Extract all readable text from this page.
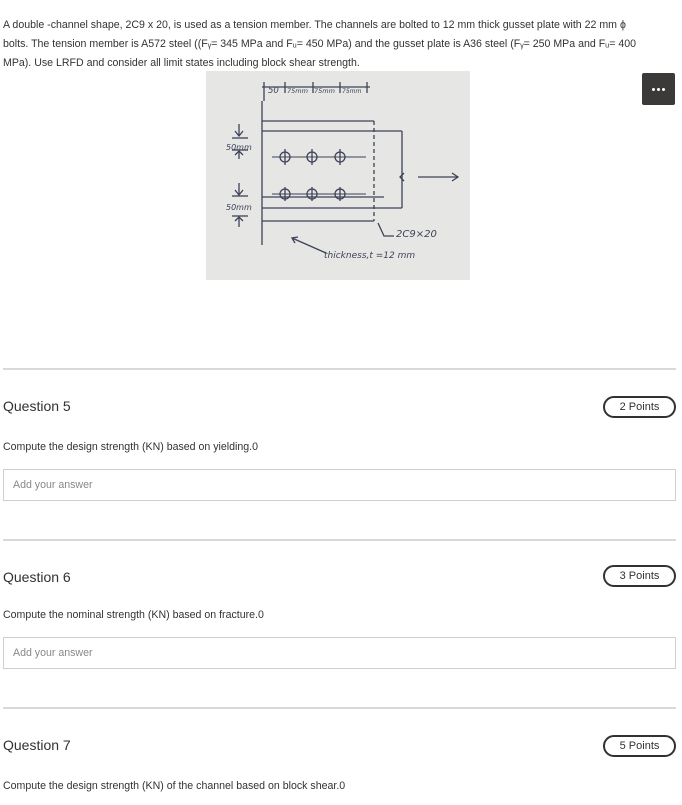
A double -channel shape, 2C9 x 20, is used as a tension member. The channels are bolted to 12 mm thick gusset plate with 22 mm ϕ

bolts. The tension member is A572 steel ((Fᵧ= 345 MPa and Fᵤ= 450 MPa) and the gusset plate is A36 steel (Fᵧ= 250 MPa and Fᵤ= 400

MPa). Use LRFD and consider all limit states including block shear strength.

50 75mm 75mm 75mm
50mm
50mm
2C9×20
thickness,t =12 mm
Question 5	2 Points
Compute the design strength (KN) based on yielding.0
Add your answer
Question 6	3 Points
Compute the nominal strength (KN) based on fracture.0
Add your answer
Question 7	5 Points
Compute the design strength (KN) of the channel based on block shear.0
